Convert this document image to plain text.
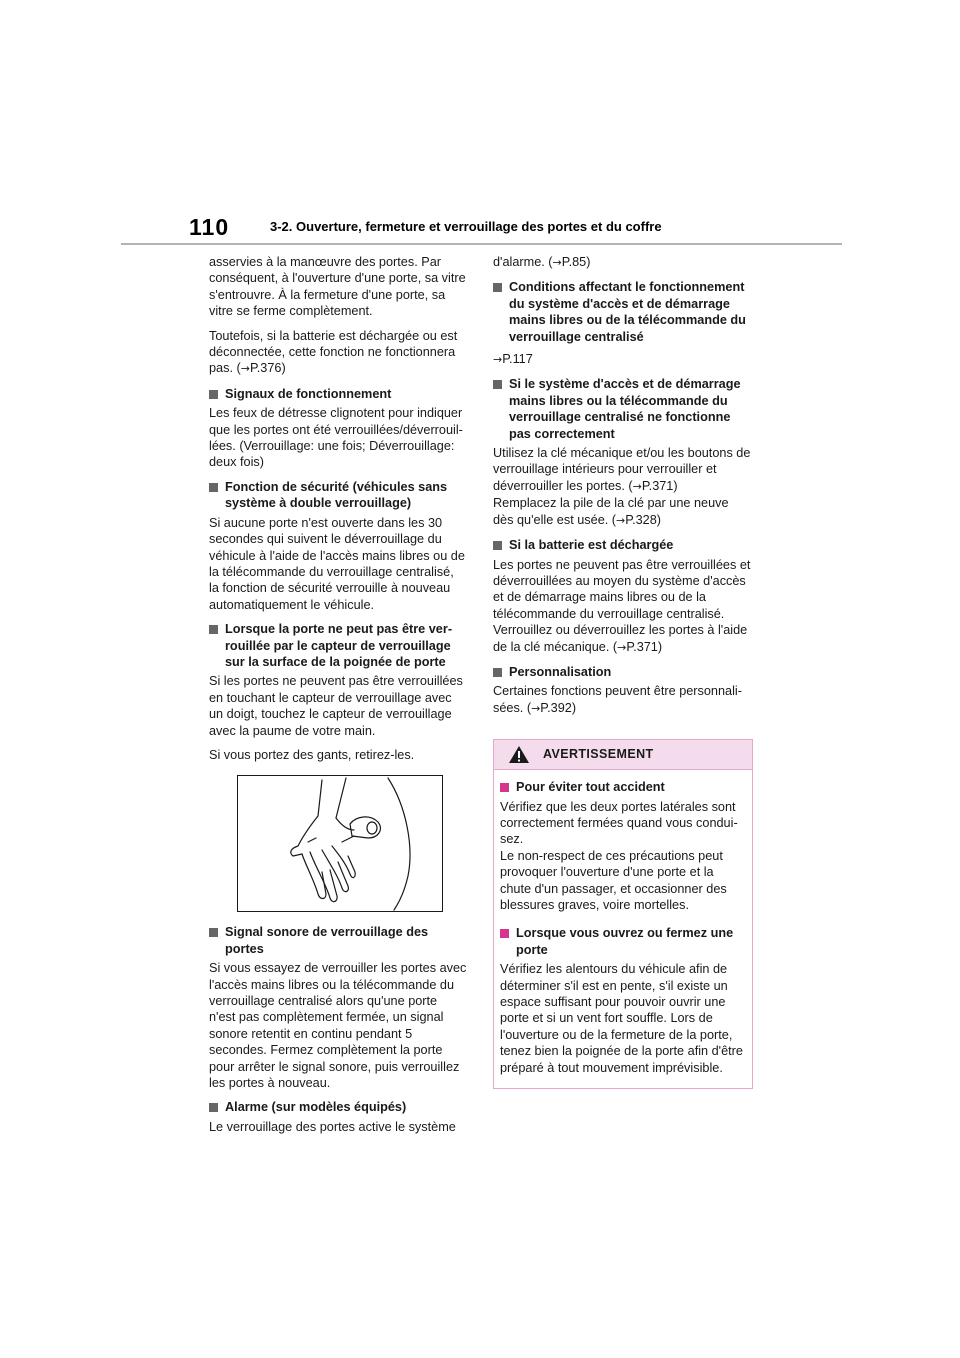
110	3-2. Ouverture, fermeture et verrouillage des portes et du coffre

asservies à la manœuvre des portes. Par conséquent, à l'ouverture d'une porte, sa vitre s'entrouvre. À la fermeture d'une porte, sa vitre se ferme complètement.

Toutefois, si la batterie est déchargée ou est déconnectée, cette fonction ne fonctionnera pas. (→P.376)

Signaux de fonctionnement

Les feux de détresse clignotent pour indiquer que les portes ont été verrouillées/déverrouillées. (Verrouillage: une fois; Déverrouillage: deux fois)

Fonction de sécurité (véhicules sans système à double verrouillage)

Si aucune porte n'est ouverte dans les 30 secondes qui suivent le déverrouillage du véhicule à l'aide de l'accès mains libres ou de la télécommande du verrouillage centralisé, la fonction de sécurité verrouille à nouveau automatiquement le véhicule.

Lorsque la porte ne peut pas être verrouillée par le capteur de verrouillage sur la surface de la poignée de porte

Si les portes ne peuvent pas être verrouillées en touchant le capteur de verrouillage avec un doigt, touchez le capteur de verrouillage avec la paume de votre main.

Si vous portez des gants, retirez-les.

Signal sonore de verrouillage des portes

Si vous essayez de verrouiller les portes avec l'accès mains libres ou la télécommande du verrouillage centralisé alors qu'une porte n'est pas complètement fermée, un signal sonore retentit en continu pendant 5 secondes. Fermez complètement la porte pour arrêter le signal sonore, puis verrouillez les portes à nouveau.

Alarme (sur modèles équipés)

Le verrouillage des portes active le système

d'alarme. (→P.85)

Conditions affectant le fonctionnement du système d'accès et de démarrage mains libres ou de la télécommande du verrouillage centralisé

→P.117

Si le système d'accès et de démarrage mains libres ou la télécommande du verrouillage centralisé ne fonctionne pas correctement

Utilisez la clé mécanique et/ou les boutons de verrouillage intérieurs pour verrouiller et déverrouiller les portes. (→P.371)
Remplacez la pile de la clé par une neuve dès qu'elle est usée. (→P.328)

Si la batterie est déchargée

Les portes ne peuvent pas être verrouillées et déverrouillées au moyen du système d'accès et de démarrage mains libres ou de la télécommande du verrouillage centralisé. Verrouillez ou déverrouillez les portes à l'aide de la clé mécanique. (→P.371)

Personnalisation

Certaines fonctions peuvent être personnalisées. (→P.392)

AVERTISSEMENT
Pour éviter tout accident

Vérifiez que les deux portes latérales sont correctement fermées quand vous conduisez.
Le non-respect de ces précautions peut provoquer l'ouverture d'une porte et la chute d'un passager, et occasionner des blessures graves, voire mortelles.

Lorsque vous ouvrez ou fermez une porte

Vérifiez les alentours du véhicule afin de déterminer s'il est en pente, s'il existe un espace suffisant pour pouvoir ouvrir une porte et si un vent fort souffle. Lors de l'ouverture ou de la fermeture de la porte, tenez bien la poignée de la porte afin d'être préparé à tout mouvement imprévisible.
